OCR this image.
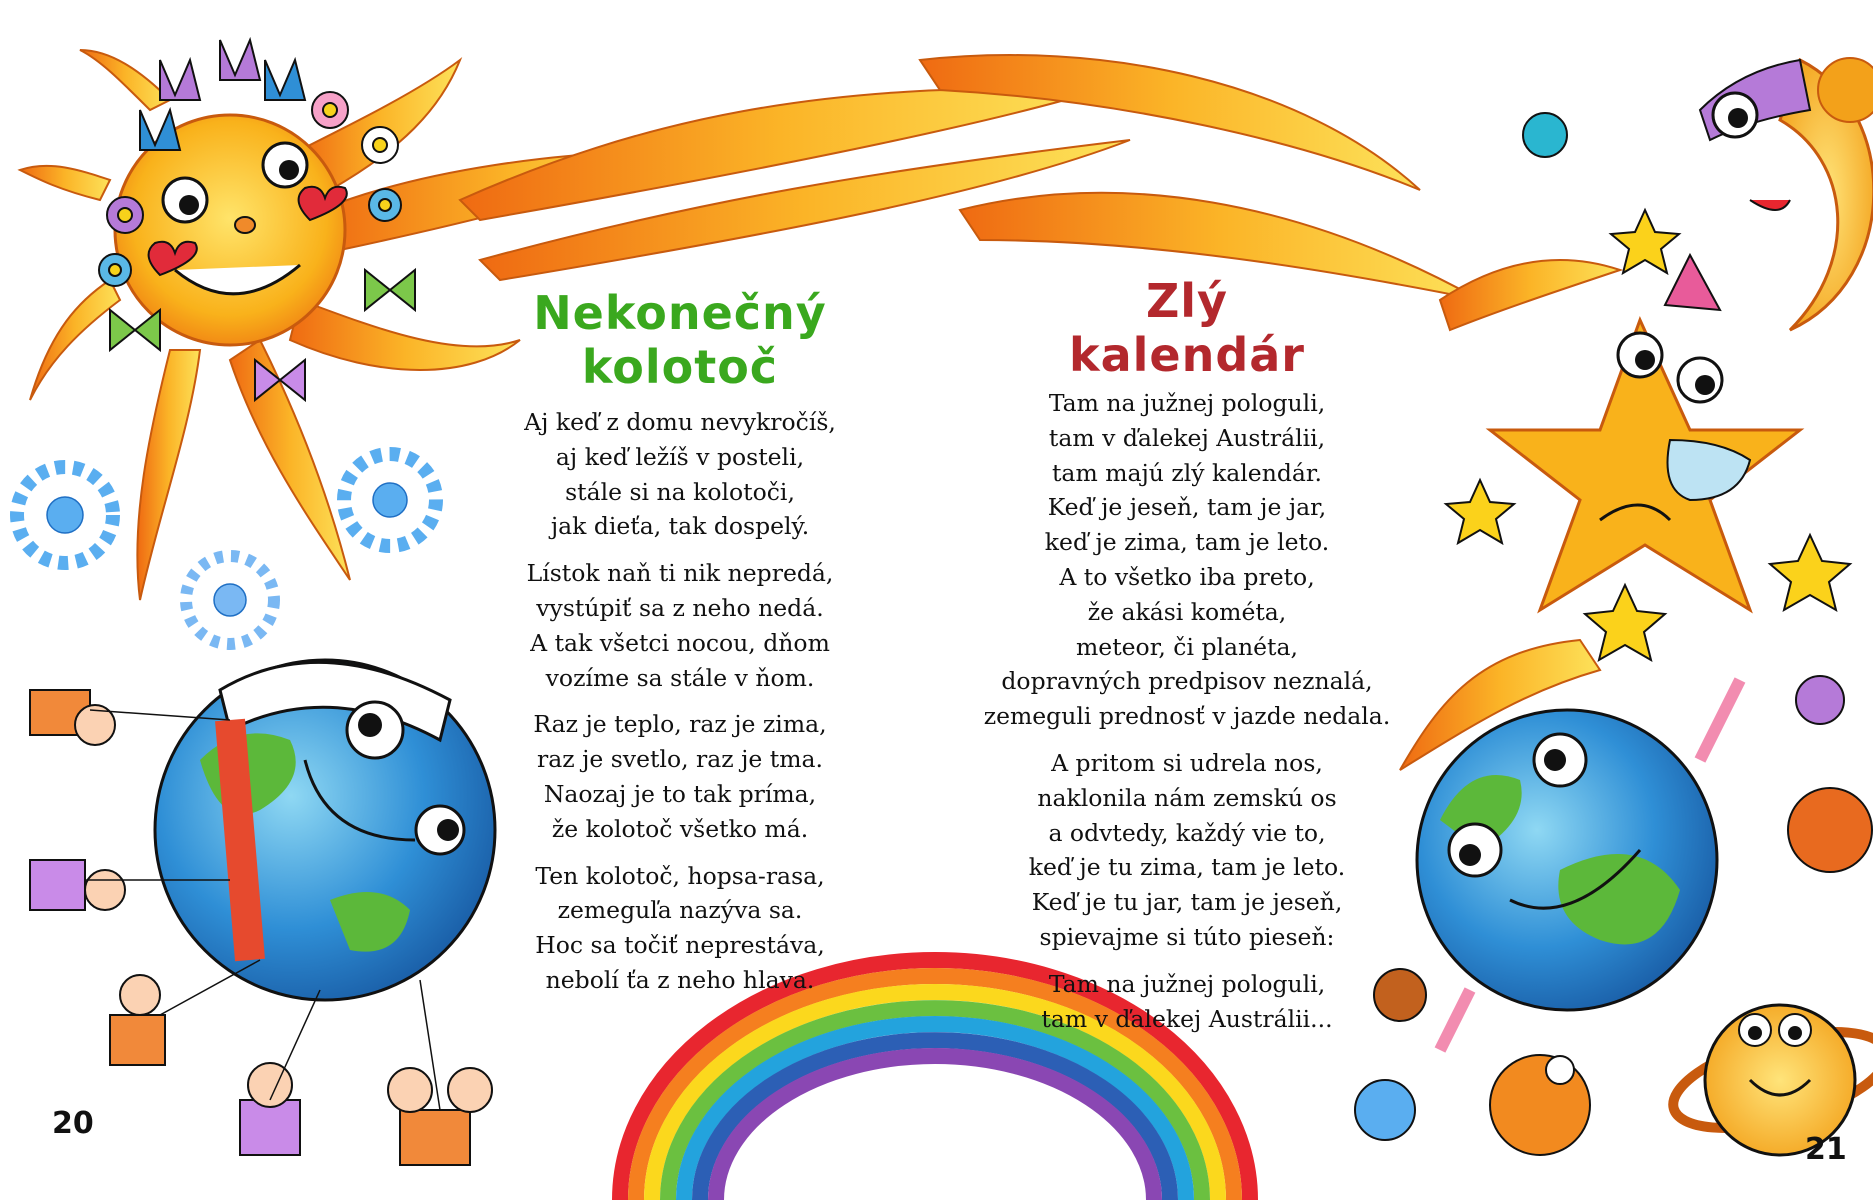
Nekonečný
kolotoč
Aj keď z domu nevykročíš,
aj keď ležíš v posteli,
stále si na kolotoči,
jak dieťa, tak dospelý.
Lístok naň ti nik nepredá,
vystúpiť sa z neho nedá.
A tak všetci nocou, dňom
vozíme sa stále v ňom.
Raz je teplo, raz je zima,
raz je svetlo, raz je tma.
Naozaj je to tak príma,
že kolotoč všetko má.
Ten kolotoč, hopsa-rasa,
zemeguľa nazýva sa.
Hoc sa točiť neprestáva,
nebolí ťa z neho hlava.
20
Zlý
kalendár
Tam na južnej pologuli,
tam v ďalekej Austrálii,
tam majú zlý kalendár.
Keď je jeseň, tam je jar,
keď je zima, tam je leto.
A to všetko iba preto,
že akási kométa,
meteor, či planéta,
dopravných predpisov neznalá,
zemeguli prednosť v jazde nedala.
A pritom si udrela nos,
naklonila nám zemskú os
a odvtedy, každý vie to,
keď je tu zima, tam je leto.
Keď je tu jar, tam je jeseň,
spievajme si túto pieseň:
Tam na južnej pologuli,
tam v ďalekej Austrálii...
21
